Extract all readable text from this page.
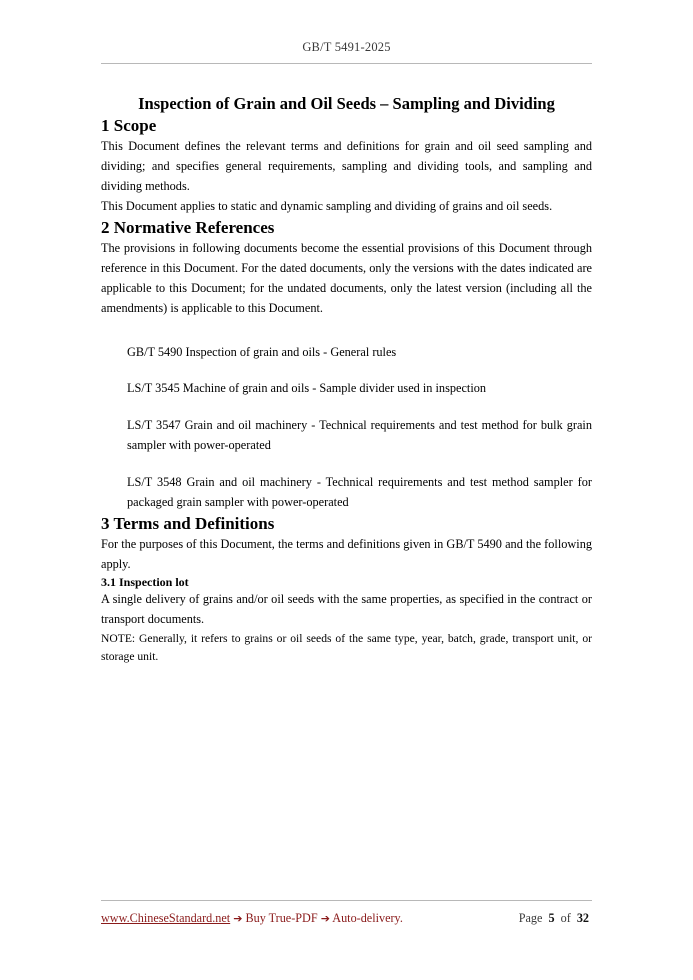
GB/T 5491-2025
Inspection of Grain and Oil Seeds – Sampling and Dividing
1 Scope

This Document defines the relevant terms and definitions for grain and oil seed sampling and dividing; and specifies general requirements, sampling and dividing tools, and sampling and dividing methods.

This Document applies to static and dynamic sampling and dividing of grains and oil seeds.

2 Normative References

The provisions in following documents become the essential provisions of this Document through reference in this Document. For the dated documents, only the versions with the dates indicated are applicable to this Document; for the undated documents, only the latest version (including all the amendments) is applicable to this Document.

GB/T 5490 Inspection of grain and oils - General rules

LS/T 3545 Machine of grain and oils - Sample divider used in inspection

LS/T 3547 Grain and oil machinery - Technical requirements and test method for bulk grain sampler with power-operated

LS/T 3548 Grain and oil machinery - Technical requirements and test method sampler for packaged grain sampler with power-operated

3 Terms and Definitions

For the purposes of this Document, the terms and definitions given in GB/T 5490 and the following apply.

3.1 Inspection lot

A single delivery of grains and/or oil seeds with the same properties, as specified in the contract or transport documents.

NOTE: Generally, it refers to grains or oil seeds of the same type, year, batch, grade, transport unit, or storage unit.

www.ChineseStandard.net ➔ Buy True-PDF ➔ Auto-delivery.	Page 5 of 32
